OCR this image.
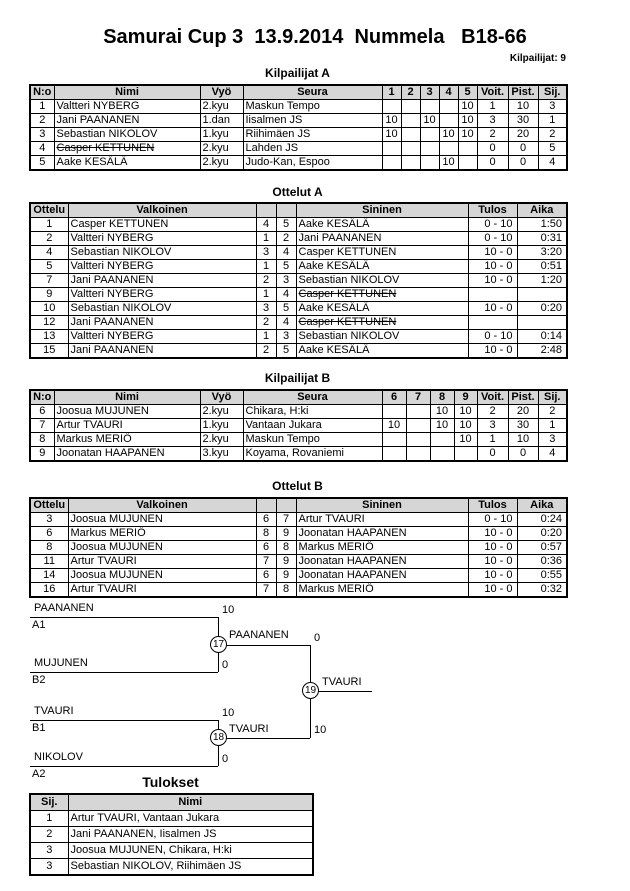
Samurai Cup 3  13.9.2014  Nummela   B18-66
Kilpailijat: 9
Kilpailijat A
N:o	Nimi	Vyö	Seura	1	2	3	4	5	Voit.	Pist.	Sij.
1	Valtteri NYBERG	2.kyu	Maskun Tempo					10	1	10	3
2	Jani PAANANEN	1.dan	Iisalmen JS	10		10		10	3	30	1
3	Sebastian NIKOLOV	1.kyu	Riihimäen JS	10			10	10	2	20	2
4	Casper KETTUNEN	2.kyu	Lahden JS						0	0	5
5	Aake KESÄLÄ	2.kyu	Judo-Kan, Espoo				10		0	0	4
Ottelut A
Ottelu	Valkoinen			Sininen	Tulos	Aika
1	Casper KETTUNEN	4	5	Aake KESÄLÄ	0 - 10	1:50
2	Valtteri NYBERG	1	2	Jani PAANANEN	0 - 10	0:31
4	Sebastian NIKOLOV	3	4	Casper KETTUNEN	10 - 0	3:20
5	Valtteri NYBERG	1	5	Aake KESÄLÄ	10 - 0	0:51
7	Jani PAANANEN	2	3	Sebastian NIKOLOV	10 - 0	1:20
9	Valtteri NYBERG	1	4	Casper KETTUNEN		
10	Sebastian NIKOLOV	3	5	Aake KESÄLÄ	10 - 0	0:20
12	Jani PAANANEN	2	4	Casper KETTUNEN		
13	Valtteri NYBERG	1	3	Sebastian NIKOLOV	0 - 10	0:14
15	Jani PAANANEN	2	5	Aake KESÄLÄ	10 - 0	2:48
Kilpailijat B
N:o	Nimi	Vyö	Seura	6	7	8	9	Voit.	Pist.	Sij.
6	Joosua MUJUNEN	2.kyu	Chikara, H:ki			10	10	2	20	2
7	Artur TVAURI	1.kyu	Vantaan Jukara	10		10	10	3	30	1
8	Markus MERIÖ	2.kyu	Maskun Tempo				10	1	10	3
9	Joonatan HAAPANEN	3.kyu	Koyama, Rovaniemi					0	0	4
Ottelut B
Ottelu	Valkoinen			Sininen	Tulos	Aika
3	Joosua MUJUNEN	6	7	Artur TVAURI	0 - 10	0:24
6	Markus MERIÖ	8	9	Joonatan HAAPANEN	10 - 0	0:20
8	Joosua MUJUNEN	6	8	Markus MERIÖ	10 - 0	0:57
11	Artur TVAURI	7	9	Joonatan HAAPANEN	10 - 0	0:36
14	Joosua MUJUNEN	6	9	Joonatan HAAPANEN	10 - 0	0:55
16	Artur TVAURI	7	8	Markus MERIÖ	10 - 0	0:32
PAANANEN
A1
10
MUJUNEN
B2
0
PAANANEN
17
0
TVAURI
B1
10
NIKOLOV
A2
0
TVAURI
18
10
19
TVAURI
Tulokset
Sij.	Nimi
1	Artur TVAURI, Vantaan Jukara
2	Jani PAANANEN, Iisalmen JS
3	Joosua MUJUNEN, Chikara, H:ki
3	Sebastian NIKOLOV, Riihimäen JS
